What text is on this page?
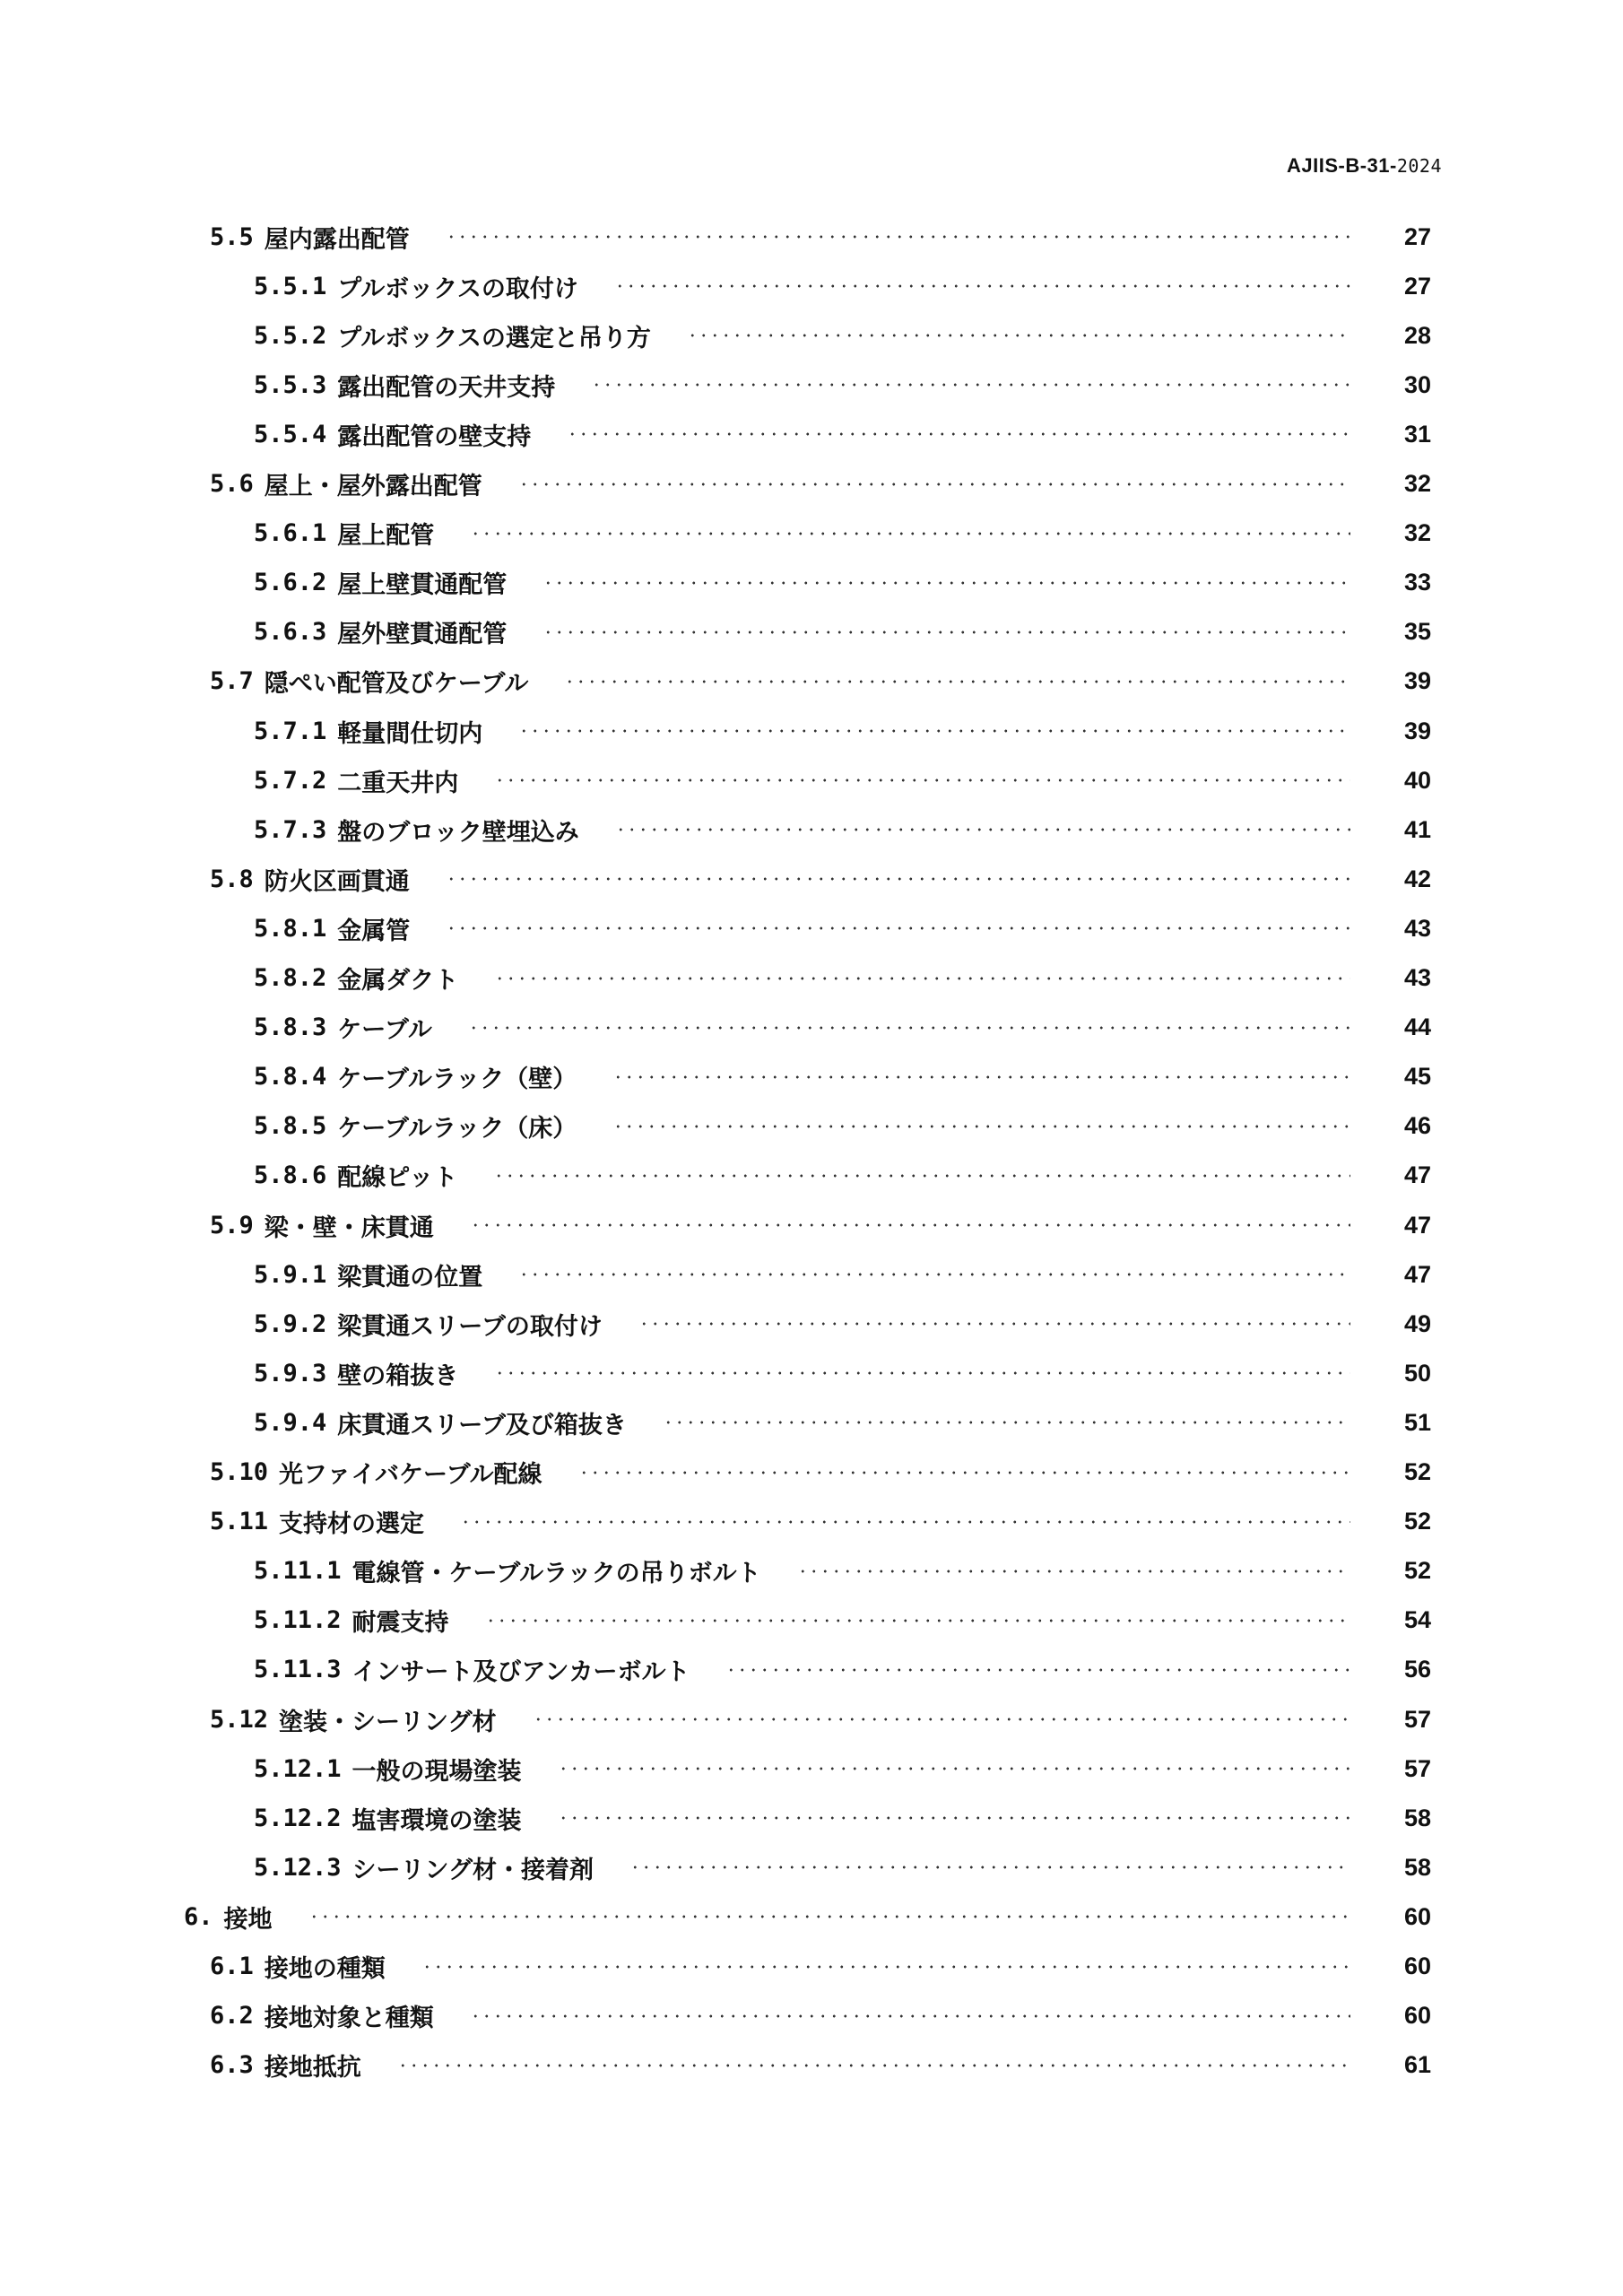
AJIIS-B-31-2024
5.5 屋内露出配管	27
5.5.1 プルボックスの取付け	27
5.5.2 プルボックスの選定と吊り方	28
5.5.3 露出配管の天井支持	30
5.5.4 露出配管の壁支持	31
5.6 屋上・屋外露出配管	32
5.6.1 屋上配管	32
5.6.2 屋上壁貫通配管	33
5.6.3 屋外壁貫通配管	35
5.7 隠ぺい配管及びケーブル	39
5.7.1 軽量間仕切内	39
5.7.2 二重天井内	40
5.7.3 盤のブロック壁埋込み	41
5.8 防火区画貫通	42
5.8.1 金属管	43
5.8.2 金属ダクト	43
5.8.3 ケーブル	44
5.8.4 ケーブルラック（壁）	45
5.8.5 ケーブルラック（床）	46
5.8.6 配線ピット	47
5.9 梁・壁・床貫通	47
5.9.1 梁貫通の位置	47
5.9.2 梁貫通スリーブの取付け	49
5.9.3 壁の箱抜き	50
5.9.4 床貫通スリーブ及び箱抜き	51
5.10 光ファイバケーブル配線	52
5.11 支持材の選定	52
5.11.1 電線管・ケーブルラックの吊りボルト	52
5.11.2 耐震支持	54
5.11.3 インサート及びアンカーボルト	56
5.12 塗装・シーリング材	57
5.12.1 一般の現場塗装	57
5.12.2 塩害環境の塗装	58
5.12.3 シーリング材・接着剤	58
6. 接地	60
6.1 接地の種類	60
6.2 接地対象と種類	60
6.3 接地抵抗	61
